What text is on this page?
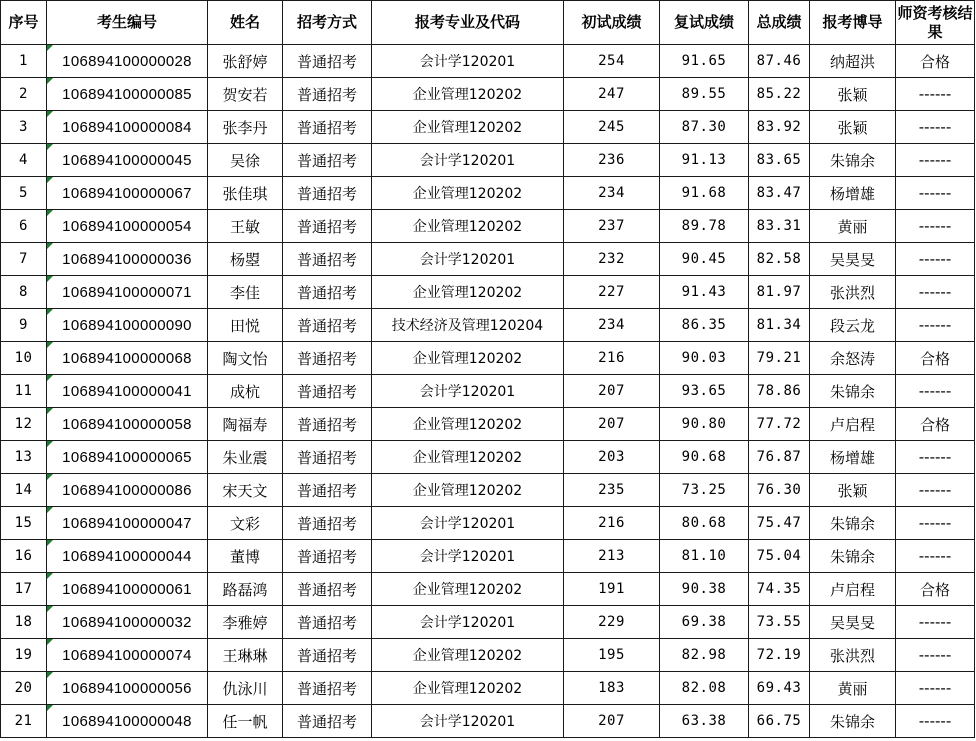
序号	考生编号	姓名	招考方式	报考专业及代码	初试成绩	复试成绩	总成绩	报考博导	师资考核结果
1	106894100000028	张舒婷	普通招考	会计学120201	254	91.65	87.46	纳超洪	合格
2	106894100000085	贺安若	普通招考	企业管理120202	247	89.55	85.22	张颖	------
3	106894100000084	张李丹	普通招考	企业管理120202	245	87.30	83.92	张颖	------
4	106894100000045	吴徐	普通招考	会计学120201	236	91.13	83.65	朱锦余	------
5	106894100000067	张佳琪	普通招考	企业管理120202	234	91.68	83.47	杨增雄	------
6	106894100000054	王敏	普通招考	企业管理120202	237	89.78	83.31	黄丽	------
7	106894100000036	杨曌	普通招考	会计学120201	232	90.45	82.58	吴昊旻	------
8	106894100000071	李佳	普通招考	企业管理120202	227	91.43	81.97	张洪烈	------
9	106894100000090	田悦	普通招考	技术经济及管理120204	234	86.35	81.34	段云龙	------
10	106894100000068	陶文怡	普通招考	企业管理120202	216	90.03	79.21	余怒涛	合格
11	106894100000041	成杭	普通招考	会计学120201	207	93.65	78.86	朱锦余	------
12	106894100000058	陶福寿	普通招考	企业管理120202	207	90.80	77.72	卢启程	合格
13	106894100000065	朱业震	普通招考	企业管理120202	203	90.68	76.87	杨增雄	------
14	106894100000086	宋天文	普通招考	企业管理120202	235	73.25	76.30	张颖	------
15	106894100000047	文彩	普通招考	会计学120201	216	80.68	75.47	朱锦余	------
16	106894100000044	董博	普通招考	会计学120201	213	81.10	75.04	朱锦余	------
17	106894100000061	路磊鸿	普通招考	企业管理120202	191	90.38	74.35	卢启程	合格
18	106894100000032	李雅婷	普通招考	会计学120201	229	69.38	73.55	吴昊旻	------
19	106894100000074	王琳琳	普通招考	企业管理120202	195	82.98	72.19	张洪烈	------
20	106894100000056	仇泳川	普通招考	企业管理120202	183	82.08	69.43	黄丽	------
21	106894100000048	任一帆	普通招考	会计学120201	207	63.38	66.75	朱锦余	------
